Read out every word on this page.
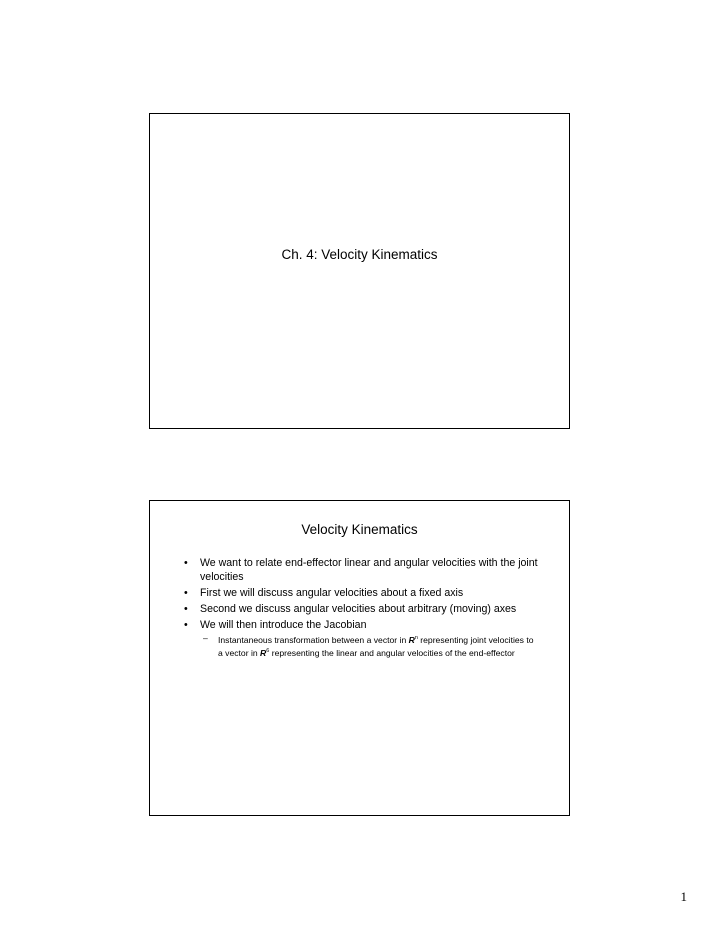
Ch. 4: Velocity Kinematics
Velocity Kinematics
• We want to relate end-effector linear and angular velocities with the joint velocities
• First we will discuss angular velocities about a fixed axis
• Second we discuss angular velocities about arbitrary (moving) axes
• We will then introduce the Jacobian
– Instantaneous transformation between a vector in $R^n$ representing joint velocities to a vector in $R^6$ representing the linear and angular velocities of the end-effector
1
